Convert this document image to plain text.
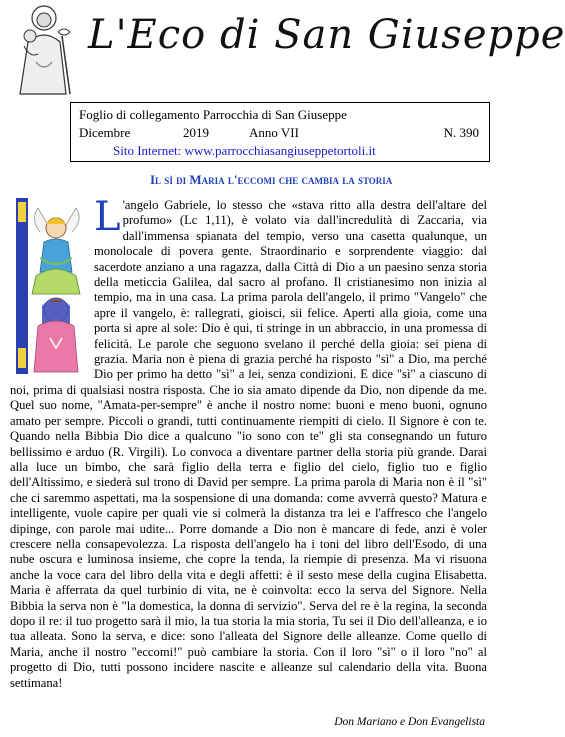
L'Eco di San Giuseppe
Foglio di collegamento Parrocchia di San Giuseppe
Dicembre	2019	Anno VII	N. 390
Sito Internet: www.parrocchiasangiuseppetortoli.it
Il sì di Maria l'eccomi che cambia la storia
L 'angelo Gabriele, lo stesso che «stava ritto alla destra dell'altare del profumo» (Lc 1,11), è volato via dall'incredulità di Zaccaria, via dall'immensa spianata del tempio, verso una casetta qualunque, un monolocale di povera gente. Straordinario e sorprendente viaggio: dal sacerdote anziano a una ragazza, dalla Città di Dio a un paesino senza storia della meticcia Galilea, dal sacro al profano. Il cristianesimo non inizia al tempio, ma in una casa. La prima parola dell'angelo, il primo "Vangelo" che apre il vangelo, è: rallegrati, gioisci, sii felice. Aperti alla gioia, come una porta si apre al sole: Dio è qui, ti stringe in un abbraccio, in una promessa di felicità. Le parole che seguono svelano il perché della gioia: sei piena di grazia. Maria non è piena di grazia perché ha risposto "sì" a Dio, ma perché Dio per primo ha detto "sì" a lei, senza condizioni. E dice "sì" a ciascuno di noi, prima di qualsiasi nostra risposta. Che io sia amato dipende da Dio, non dipende da me. Quel suo nome, "Amata-per-sempre" è anche il nostro nome: buoni e meno buoni, ognuno amato per sempre. Piccoli o grandi, tutti continuamente riempiti di cielo. Il Signore è con te. Quando nella Bibbia Dio dice a qualcuno "io sono con te" gli sta consegnando un futuro bellissimo e arduo (R. Virgili). Lo convoca a diventare partner della storia più grande. Darai alla luce un bimbo, che sarà figlio della terra e figlio del cielo, figlio tuo e figlio dell'Altissimo, e siederà sul trono di David per sempre. La prima parola di Maria non è il "sì" che ci saremmo aspettati, ma la sospensione di una domanda: come avverrà questo? Matura e intelligente, vuole capire per quali vie si colmerà la distanza tra lei e l'affresco che l'angelo dipinge, con parole mai udite... Porre domande a Dio non è mancare di fede, anzi è voler crescere nella consapevolezza. La risposta dell'angelo ha i toni del libro dell'Esodo, di una nube oscura e luminosa insieme, che copre la tenda, la riempie di presenza. Ma vi risuona anche la voce cara del libro della vita e degli affetti: è il sesto mese della cugina Elisabetta. Maria è afferrata da quel turbinio di vita, ne è coinvolta: ecco la serva del Signore. Nella Bibbia la serva non è "la domestica, la donna di servizio". Serva del re è la regina, la seconda dopo il re: il tuo progetto sarà il mio, la tua storia la mia storia, Tu sei il Dio dell'alleanza, e io tua alleata. Sono la serva, e dice: sono l'alleata del Signore delle alleanze. Come quello di Maria, anche il nostro "eccomi!" può cambiare la storia. Con il loro "sì" o il loro "no" al progetto di Dio, tutti possono incidere nascite e alleanze sul calendario della vita. Buona settimana!
Don Mariano e Don Evangelista
